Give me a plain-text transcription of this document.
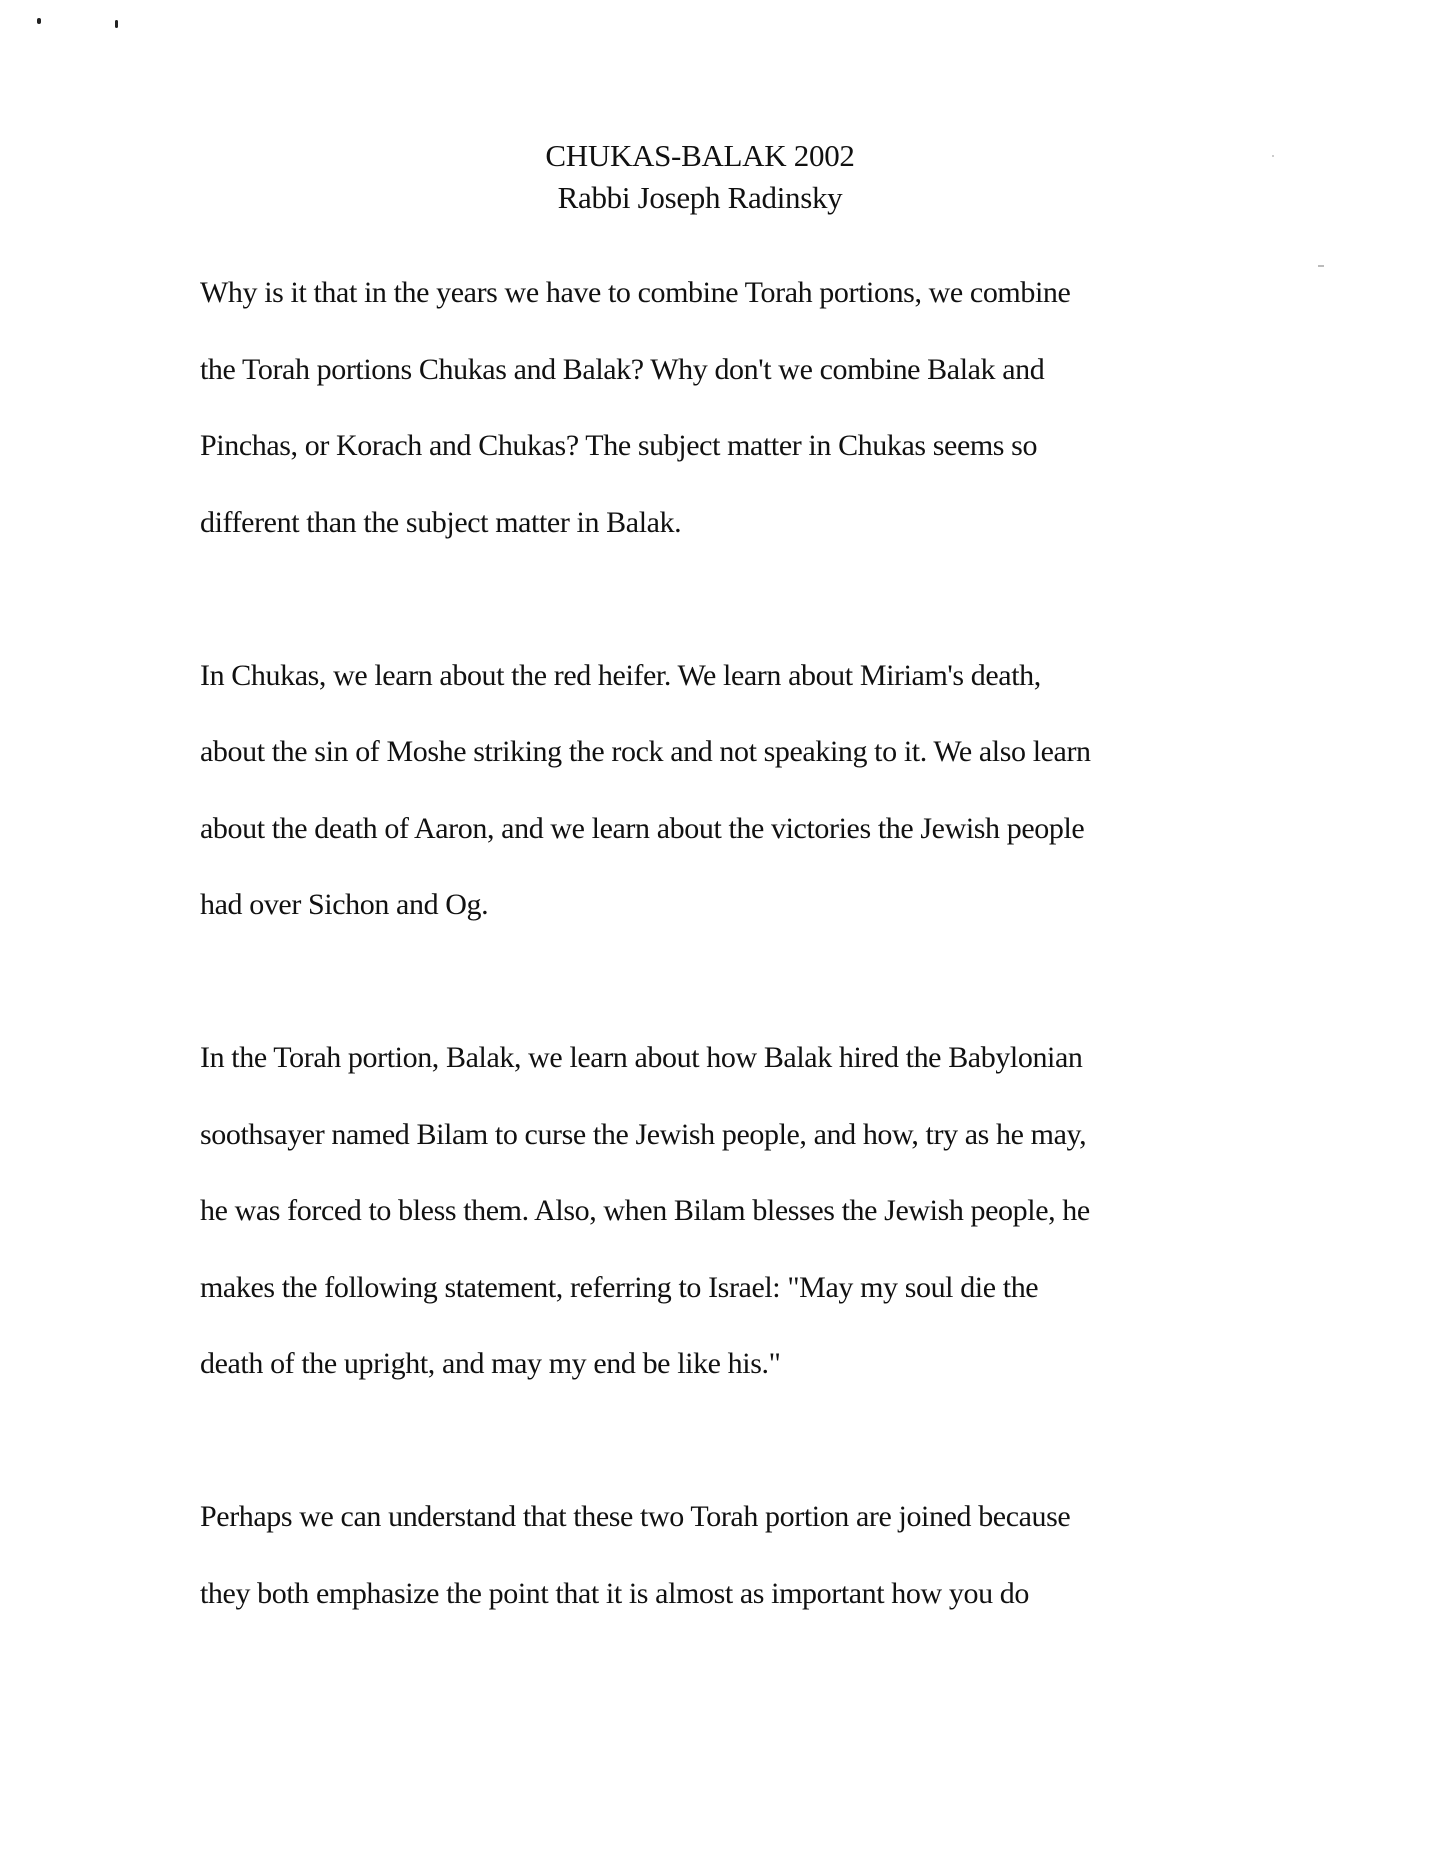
CHUKAS-BALAK 2002
Rabbi Joseph Radinsky

Why is it that in the years we have to combine Torah portions, we combine
the Torah portions Chukas and Balak? Why don't we combine Balak and
Pinchas, or Korach and Chukas? The subject matter in Chukas seems so
different than the subject matter in Balak.

In Chukas, we learn about the red heifer. We learn about Miriam's death,
about the sin of Moshe striking the rock and not speaking to it. We also learn
about the death of Aaron, and we learn about the victories the Jewish people
had over Sichon and Og.

In the Torah portion, Balak, we learn about how Balak hired the Babylonian
soothsayer named Bilam to curse the Jewish people, and how, try as he may,
he was forced to bless them. Also, when Bilam blesses the Jewish people, he
makes the following statement, referring to Israel: "May my soul die the
death of the upright, and may my end be like his."

Perhaps we can understand that these two Torah portion are joined because
they both emphasize the point that it is almost as important how you do
